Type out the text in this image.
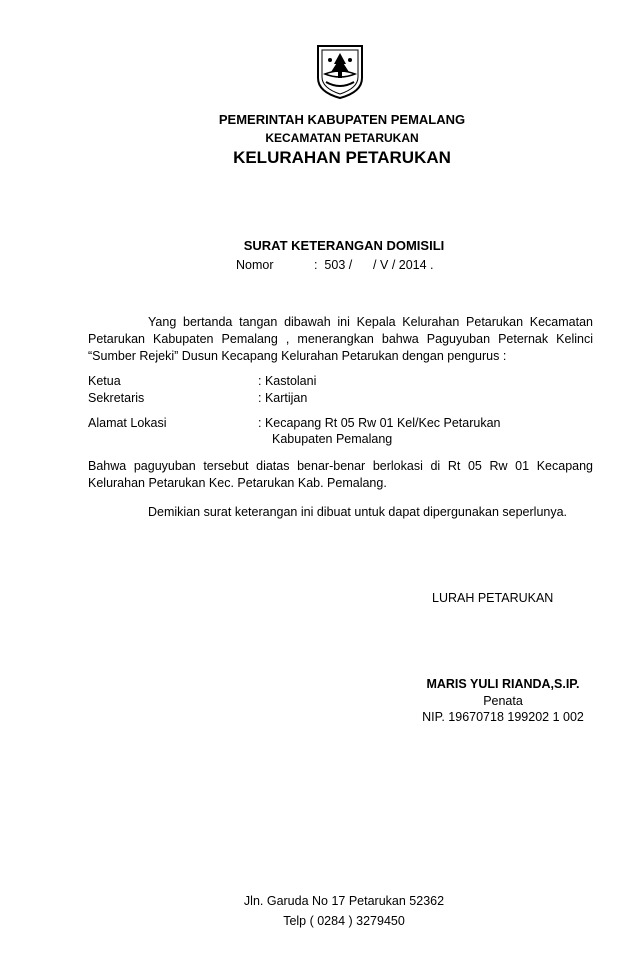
PEMERINTAH KABUPATEN PEMALANG
KECAMATAN PETARUKAN
KELURAHAN PETARUKAN
SURAT KETERANGAN DOMISILI
Nomor	:  503 /      / V / 2014 .
Yang bertanda tangan dibawah ini Kepala Kelurahan Petarukan Kecamatan Petarukan Kabupaten Pemalang , menerangkan bahwa Paguyuban Peternak Kelinci “Sumber Rejeki” Dusun Kecapang Kelurahan Petarukan dengan pengurus :
Ketua	: Kastolani
Sekretaris	: Kartijan
Alamat Lokasi	: Kecapang Rt 05 Rw 01 Kel/Kec Petarukan
Kabupaten Pemalang
Bahwa paguyuban tersebut diatas benar-benar berlokasi di Rt 05 Rw 01 Kecapang Kelurahan Petarukan Kec. Petarukan Kab. Pemalang.
Demikian surat keterangan ini dibuat untuk dapat dipergunakan seperlunya.
LURAH PETARUKAN
MARIS YULI RIANDA,S.IP.
Penata
NIP. 19670718 199202 1 002
Jln. Garuda No 17 Petarukan 52362
Telp ( 0284 ) 3279450
